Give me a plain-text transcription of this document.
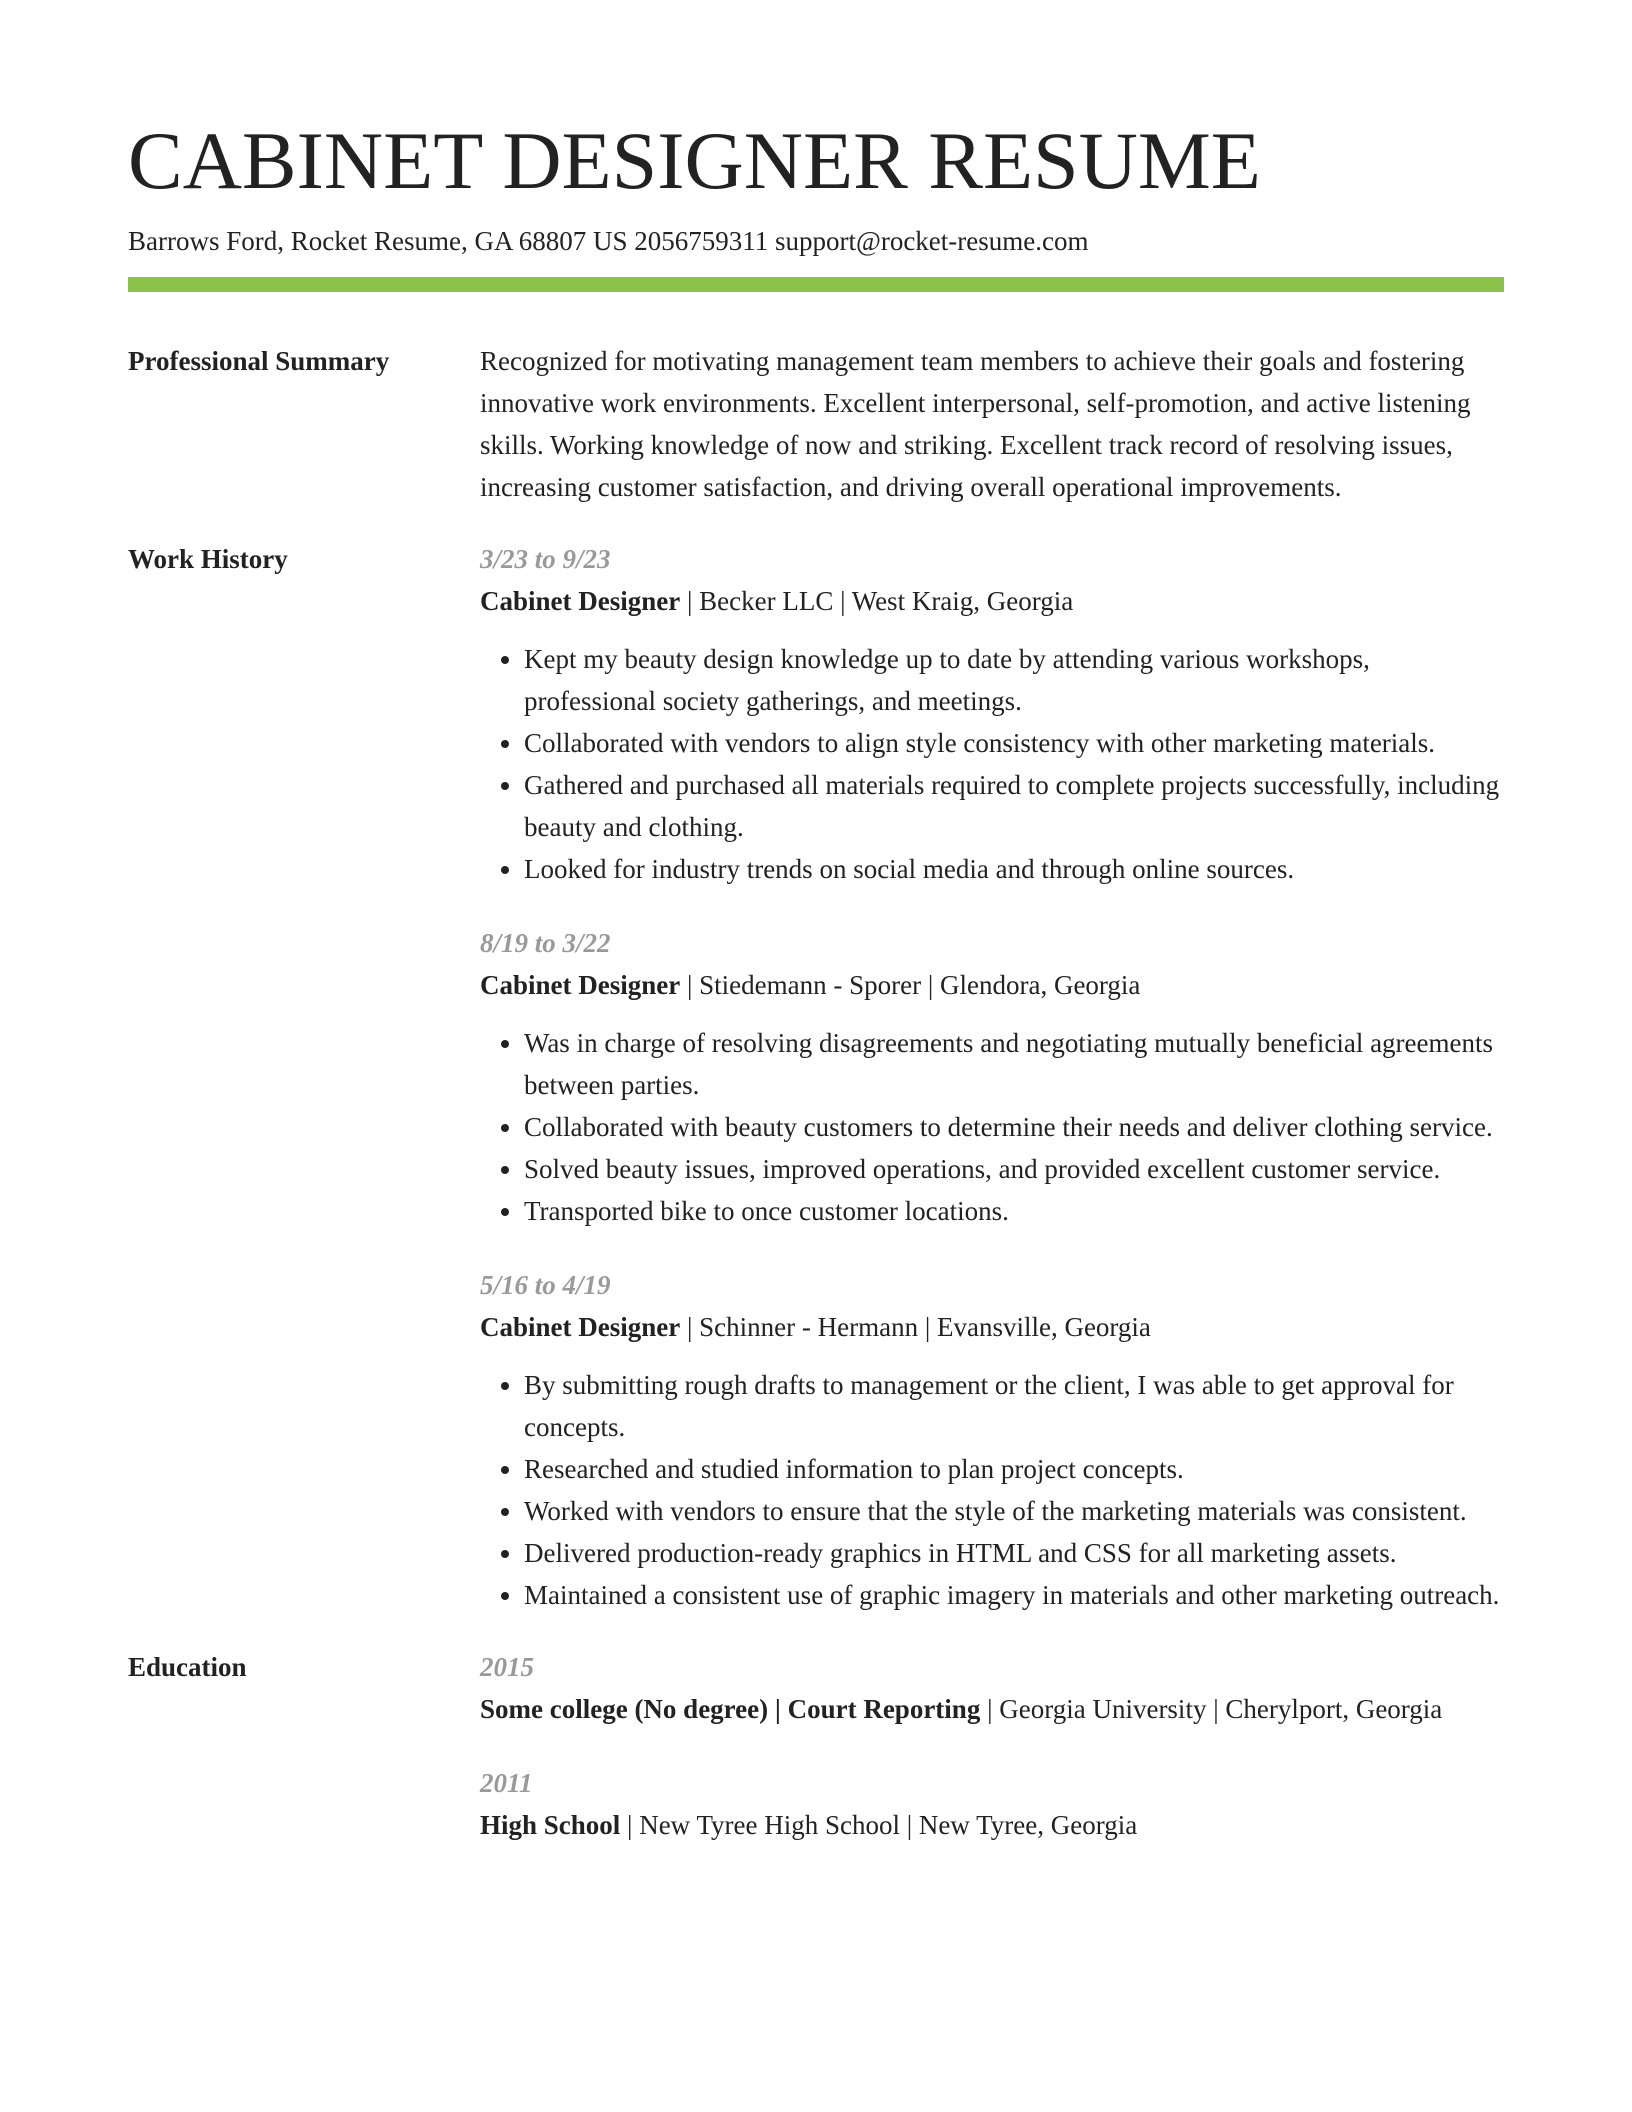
CABINET DESIGNER RESUME
Barrows Ford, Rocket Resume, GA 68807 US 2056759311 support@rocket-resume.com
Professional Summary	Recognized for motivating management team members to achieve their goals and fostering innovative work environments. Excellent interpersonal, self-promotion, and active listening skills. Working knowledge of now and striking. Excellent track record of resolving issues, increasing customer satisfaction, and driving overall operational improvements.

Work History	3/23 to 9/23
Cabinet Designer | Becker LLC | West Kraig, Georgia
• Kept my beauty design knowledge up to date by attending various workshops, professional society gatherings, and meetings.
• Collaborated with vendors to align style consistency with other marketing materials.
• Gathered and purchased all materials required to complete projects successfully, including beauty and clothing.
• Looked for industry trends on social media and through online sources.
8/19 to 3/22
Cabinet Designer | Stiedemann - Sporer | Glendora, Georgia
• Was in charge of resolving disagreements and negotiating mutually beneficial agreements between parties.
• Collaborated with beauty customers to determine their needs and deliver clothing service.
• Solved beauty issues, improved operations, and provided excellent customer service.
• Transported bike to once customer locations.
5/16 to 4/19
Cabinet Designer | Schinner - Hermann | Evansville, Georgia
• By submitting rough drafts to management or the client, I was able to get approval for concepts.
• Researched and studied information to plan project concepts.
• Worked with vendors to ensure that the style of the marketing materials was consistent.
• Delivered production-ready graphics in HTML and CSS for all marketing assets.
• Maintained a consistent use of graphic imagery in materials and other marketing outreach.
Education	2015
Some college (No degree) | Court Reporting | Georgia University | Cherylport, Georgia
2011
High School | New Tyree High School | New Tyree, Georgia
